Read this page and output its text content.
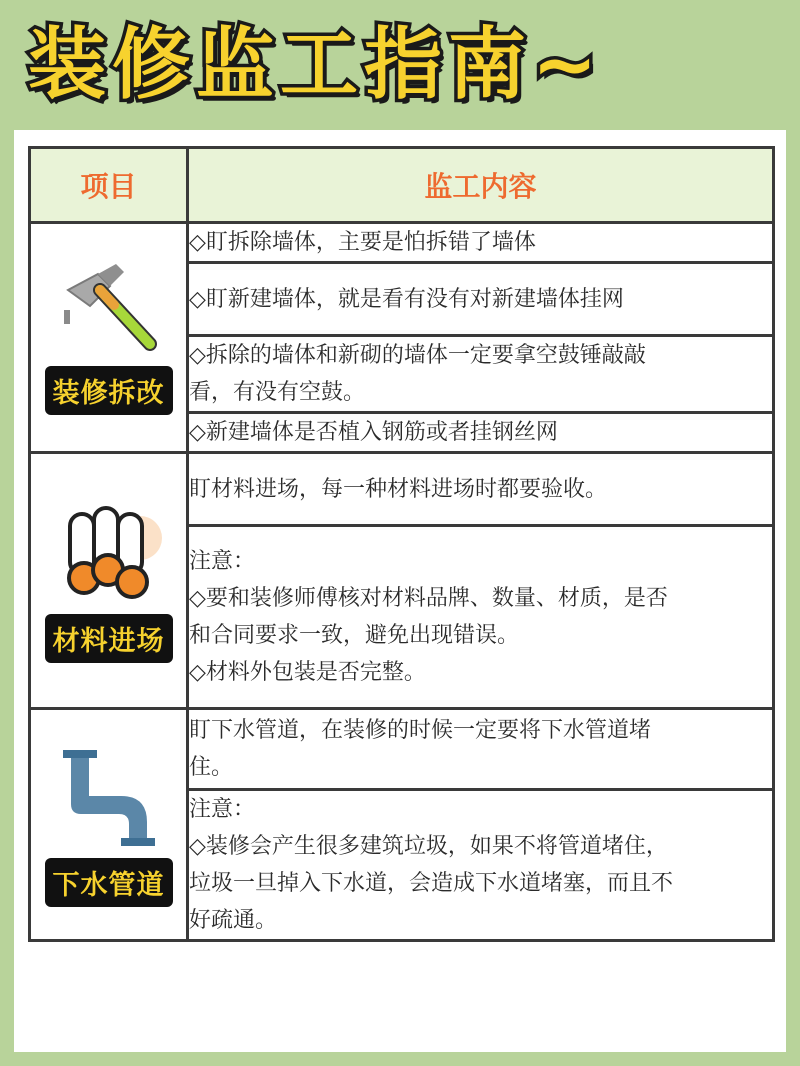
装修监工指南~
项目	监工内容

装修拆改	◇盯拆除墙体，主要是怕拆错了墙体

	◇盯新建墙体，就是看有没有对新建墙体挂网

	◇拆除的墙体和新砌的墙体一定要拿空鼓锤敲敲
看，有没有空鼓。

	◇新建墙体是否植入钢筋或者挂钢丝网

材料进场	盯材料进场，每一种材料进场时都要验收。

	注意：
◇要和装修师傅核对材料品牌、数量、材质，是否
和合同要求一致，避免出现错误。
◇材料外包装是否完整。

下水管道	盯下水管道，在装修的时候一定要将下水管道堵
住。

	注意：
◇装修会产生很多建筑垃圾，如果不将管道堵住，
垃圾一旦掉入下水道，会造成下水道堵塞，而且不
好疏通。
